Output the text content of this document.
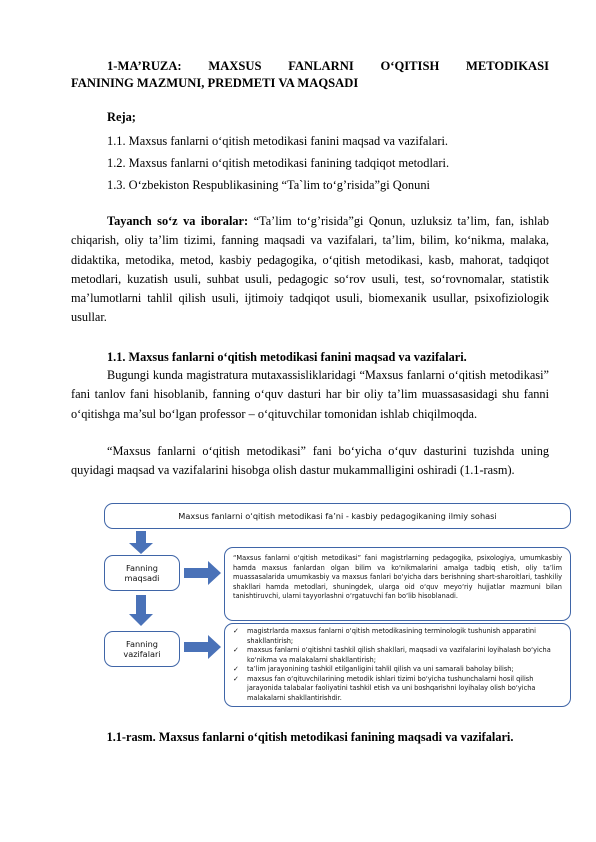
1-MA’RUZA: MAXSUS FANLARNI O‘QITISH METODIKASI
FANINING MAZMUNI, PREDMETI VA MAQSADI
Reja;
1.1. Maxsus fanlarni o‘qitish metodikasi fanini maqsad va vazifalari.
1.2. Maxsus fanlarni o‘qitish metodikasi fanining tadqiqot metodlari.
1.3. O‘zbekiston Respublikasining “Ta`lim to‘g’risida”gi Qonuni

Tayanch so‘z va iboralar: “Ta’lim to‘g’risida”gi Qonun, uzluksiz ta’lim, fan, ishlab chiqarish, oliy ta’lim tizimi, fanning maqsadi va vazifalari, ta’lim, bilim, ko‘nikma, malaka, didaktika, metodika, metod, kasbiy pedagogika, o‘qitish metodikasi, kasb, mahorat, tadqiqot metodlari, kuzatish usuli, suhbat usuli, pedagogic so‘rov usuli, test, so‘rovnomalar, statistik ma’lumotlarni tahlil qilish usuli, ijtimoiy tadqiqot usuli, biomexanik usullar, psixofiziologik usullar.

1.1. Maxsus fanlarni o‘qitish metodikasi fanini maqsad va vazifalari.

Bugungi kunda magistratura mutaxassisliklaridagi “Maxsus fanlarni o‘qitish metodikasi” fani tanlov fani hisoblanib, fanning o‘quv dasturi har bir oliy ta’lim muassasasidagi shu fanni o‘qitishga ma’sul bo‘lgan professor – o‘qituvchilar tomonidan ishlab chiqilmoqda.

“Maxsus fanlarni o‘qitish metodikasi” fani bo‘yicha o‘quv dasturini tuzishda uning quyidagi maqsad va vazifalarini hisobga olish dastur mukammalligini oshiradi (1.1-rasm).

Maxsus fanlarni o‘qitish metodikasi fa’ni - kasbiy pedagogikaning ilmiy sohasi
Fanning
maqsadi
“Maxsus fanlarni o‘qitish metodikasi” fani magistrlarning pedagogika, psixologiya, umumkasbiy hamda maxsus fanlardan olgan bilim va ko‘nikmalarini amalga tadbiq etish, oliy ta’lim muassasalarida umumkasbiy va maxsus fanlari bo‘yicha dars berishning shart-sharoitlari, tashkiliy shakllari hamda metodlari, shuningdek, ularga oid o‘quv meyo‘riy hujjatlar mazmuni bilan tanishtiruvchi, ularni tayyorlashni o‘rgatuvchi fan bo‘lib hisoblanadi.
Fanning
vazifalari
✓ magistrlarda maxsus fanlarni o‘qitish metodikasining terminologik tushunish apparatini shakllantirish;
✓ maxsus fanlarni o‘qitishni tashkil qilish shakllari, maqsadi va vazifalarini loyihalash bo‘yicha ko‘nikma va malakalarni shakllantirish;
✓ ta’lim jarayonining tashkil etilganligini tahlil qilish va uni samarali baholay bilish;
✓ maxsus fan o‘qituvchilarining metodik ishlari tizimi bo‘yicha tushunchalarni hosil qilish jarayonida talabalar faoliyatini tashkil etish va uni boshqarishni loyihalay olish bo‘yicha malakalarni shakllantirishdir.
1.1-rasm. Maxsus fanlarni o‘qitish metodikasi fanining maqsadi va vazifalari.
